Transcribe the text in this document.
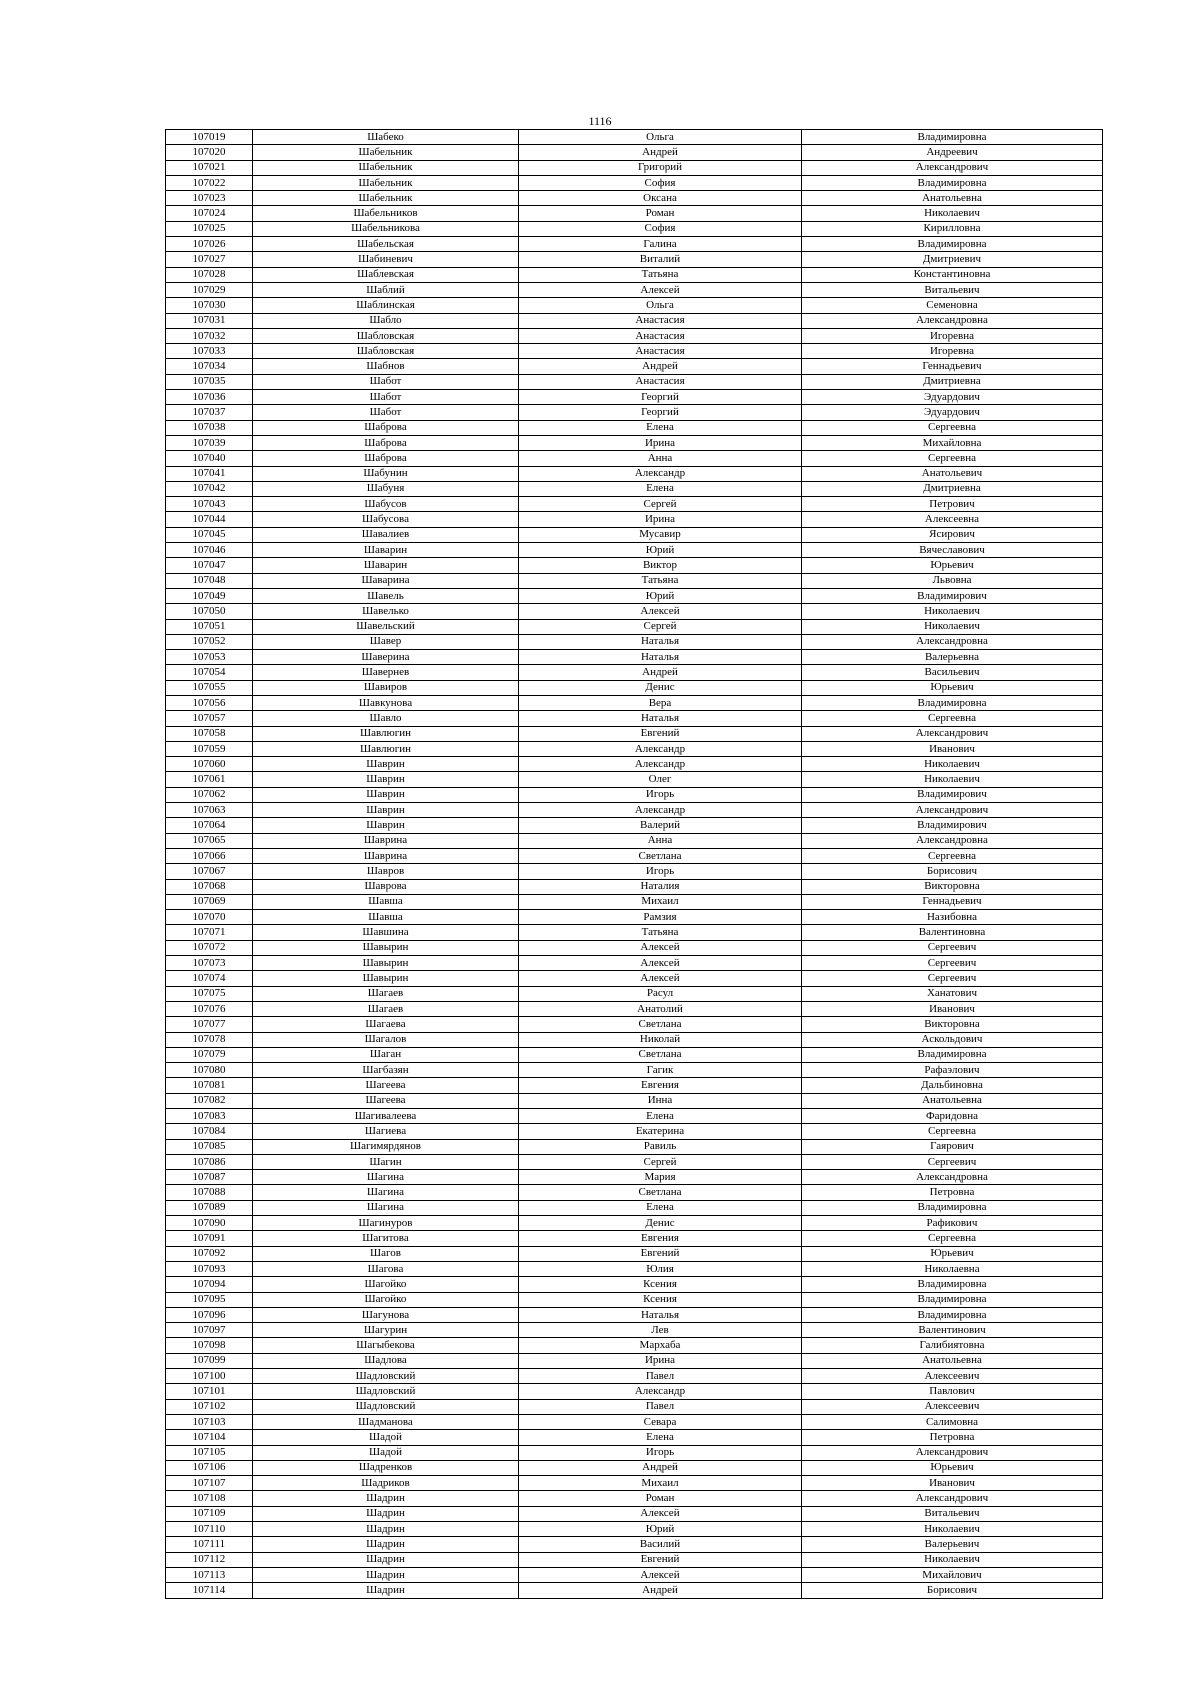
1116
107019	Шабеко	Ольга	Владимировна
107020	Шабельник	Андрей	Андреевич
107021	Шабельник	Григорий	Александрович
107022	Шабельник	София	Владимировна
107023	Шабельник	Оксана	Анатольевна
107024	Шабельников	Роман	Николаевич
107025	Шабельникова	София	Кирилловна
107026	Шабельская	Галина	Владимировна
107027	Шабиневич	Виталий	Дмитриевич
107028	Шаблевская	Татьяна	Константиновна
107029	Шаблий	Алексей	Витальевич
107030	Шаблинская	Ольга	Семеновна
107031	Шабло	Анастасия	Александровна
107032	Шабловская	Анастасия	Игоревна
107033	Шабловская	Анастасия	Игоревна
107034	Шабнов	Андрей	Геннадьевич
107035	Шабот	Анастасия	Дмитриевна
107036	Шабот	Георгий	Эдуардович
107037	Шабот	Георгий	Эдуардович
107038	Шаброва	Елена	Сергеевна
107039	Шаброва	Ирина	Михайловна
107040	Шаброва	Анна	Сергеевна
107041	Шабунин	Александр	Анатольевич
107042	Шабуня	Елена	Дмитриевна
107043	Шабусов	Сергей	Петрович
107044	Шабусова	Ирина	Алексеевна
107045	Шавалиев	Мусавир	Ясирович
107046	Шаварин	Юрий	Вячеславович
107047	Шаварин	Виктор	Юрьевич
107048	Шаварина	Татьяна	Львовна
107049	Шавель	Юрий	Владимирович
107050	Шавелько	Алексей	Николаевич
107051	Шавельский	Сергей	Николаевич
107052	Шавер	Наталья	Александровна
107053	Шаверина	Наталья	Валерьевна
107054	Шавернев	Андрей	Васильевич
107055	Шавиров	Денис	Юрьевич
107056	Шавкунова	Вера	Владимировна
107057	Шавло	Наталья	Сергеевна
107058	Шавлюгин	Евгений	Александрович
107059	Шавлюгин	Александр	Иванович
107060	Шаврин	Александр	Николаевич
107061	Шаврин	Олег	Николаевич
107062	Шаврин	Игорь	Владимирович
107063	Шаврин	Александр	Александрович
107064	Шаврин	Валерий	Владимирович
107065	Шаврина	Анна	Александровна
107066	Шаврина	Светлана	Сергеевна
107067	Шавров	Игорь	Борисович
107068	Шаврова	Наталия	Викторовна
107069	Шавша	Михаил	Геннадьевич
107070	Шавша	Рамзия	Назибовна
107071	Шавшина	Татьяна	Валентиновна
107072	Шавырин	Алексей	Сергеевич
107073	Шавырин	Алексей	Сергеевич
107074	Шавырин	Алексей	Сергеевич
107075	Шагаев	Расул	Ханатович
107076	Шагаев	Анатолий	Иванович
107077	Шагаева	Светлана	Викторовна
107078	Шагалов	Николай	Аскольдович
107079	Шаган	Светлана	Владимировна
107080	Шагбазян	Гагик	Рафаэлович
107081	Шагеева	Евгения	Дальбиновна
107082	Шагеева	Инна	Анатольевна
107083	Шагивалеева	Елена	Фаридовна
107084	Шагиева	Екатерина	Сергеевна
107085	Шагимярдянов	Равиль	Гаярович
107086	Шагин	Сергей	Сергеевич
107087	Шагина	Мария	Александровна
107088	Шагина	Светлана	Петровна
107089	Шагина	Елена	Владимировна
107090	Шагинуров	Денис	Рафикович
107091	Шагитова	Евгения	Сергеевна
107092	Шагов	Евгений	Юрьевич
107093	Шагова	Юлия	Николаевна
107094	Шагойко	Ксения	Владимировна
107095	Шагойко	Ксения	Владимировна
107096	Шагунова	Наталья	Владимировна
107097	Шагурин	Лев	Валентинович
107098	Шагыбекова	Мархаба	Галибиятовна
107099	Шадлова	Ирина	Анатольевна
107100	Шадловский	Павел	Алексеевич
107101	Шадловский	Александр	Павлович
107102	Шадловский	Павел	Алексеевич
107103	Шадманова	Севара	Салимовна
107104	Шадой	Елена	Петровна
107105	Шадой	Игорь	Александрович
107106	Шадренков	Андрей	Юрьевич
107107	Шадриков	Михаил	Иванович
107108	Шадрин	Роман	Александрович
107109	Шадрин	Алексей	Витальевич
107110	Шадрин	Юрий	Николаевич
107111	Шадрин	Василий	Валерьевич
107112	Шадрин	Евгений	Николаевич
107113	Шадрин	Алексей	Михайлович
107114	Шадрин	Андрей	Борисович
